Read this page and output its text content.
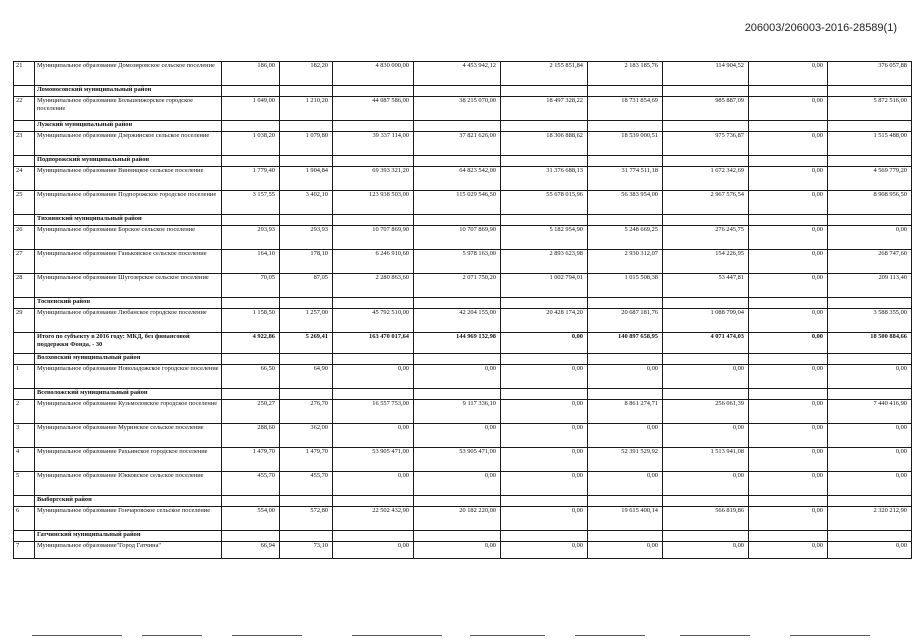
206003/206003-2016-28589(1)
21	Муниципальное образование Домозировское сельское поселение	186,00	182,20	4 830 000,00	4 453 942,12	2 155 851,84	2 183 185,76	114 904,52	0,00	376 057,88
	Ломоносовский муниципальный район									
22	Муниципальное образование Большеижорское городское поселение	1 049,00	1 210,20	44 087 586,00	38 215 070,00	18 497 328,22	18 731 854,69	985 887,09	0,00	5 872 516,00
	Лужский муниципальный район									
23	Муниципальное образование Дзержинское сельское поселение	1 038,20	1 079,80	39 337 114,00	37 821 626,00	18 306 888,62	18 539 000,51	975 736,87	0,00	1 515 488,00
	Подпорожский муниципальный район									
24	Муниципальное образование Винницкое сельское поселение	1 779,40	1 904,84	69 393 321,20	64 823 542,00	31 376 688,13	31 774 511,18	1 672 342,69	0,00	4 569 779,20
25	Муниципальное образование Подпорожское городское поселение	3 157,55	3 402,10	123 938 503,00	115 029 546,50	55 678 015,96	56 383 954,00	2 967 576,54	0,00	8 908 956,50
	Тихвинский муниципальный район									
26	Муниципальное образование Борское сельское поселение	293,93	293,93	10 707 869,90	10 707 869,90	5 182 954,90	5 248 669,25	276 245,75	0,00	0,00
27	Муниципальное образование Ганьковское сельское поселение	164,10	178,10	6 246 910,60	5 978 163,00	2 893 623,98	2 930 312,07	154 226,95	0,00	268 747,60
28	Муниципальное образование Шугозерское сельское поселение	70,05	87,05	2 280 863,60	2 071 750,20	1 002 794,01	1 015 508,38	53 447,81	0,00	209 113,40
	Тосненский район									
29	Муниципальное образование Любанское городское поселение	1 158,50	1 257,00	45 792 510,00	42 204 155,00	20 428 174,20	20 687 181,76	1 088 799,04	0,00	3 588 355,00
	Итого по субъекту в 2016 году: МКД, без финансовой поддержки Фонда, - 30	4 922,86	5 269,41	163 470 017,64	144 969 132,98	0,00	140 897 658,95	4 071 474,03	0,00	18 500 884,66
	Волховский муниципальный район									
1	Муниципальное образование Новоладожское городское поселение	66,50	64,90	0,00	0,00	0,00	0,00	0,00	0,00	0,00
	Всеволожский муниципальный район									
2	Муниципальное образование Кузьмоловское городское поселение	250,27	276,70	16 557 753,00	9 117 336,10	0,00	8 861 274,71	256 061,39	0,00	7 440 416,90
3	Муниципальное образование Муринское сельское поселение	288,60	362,00	0,00	0,00	0,00	0,00	0,00	0,00	0,00
4	Муниципальное образование Рахьинское городское поселение	1 479,70	1 479,70	53 905 471,00	53 905 471,00	0,00	52 391 529,92	1 513 941,08	0,00	0,00
5	Муниципальное образование Юкковское сельское поселение	455,70	455,70	0,00	0,00	0,00	0,00	0,00	0,00	0,00
	Выборгский район									
6	Муниципальное образование Гончаровское сельское поселение	554,00	572,80	22 502 432,90	20 182 220,00	0,00	19 615 400,14	566 819,86	0,00	2 320 212,90
	Гатчинский муниципальный район									
7	Муниципальное образование"Город Гатчина"	66,94	73,10	0,00	0,00	0,00	0,00	0,00	0,00	0,00
